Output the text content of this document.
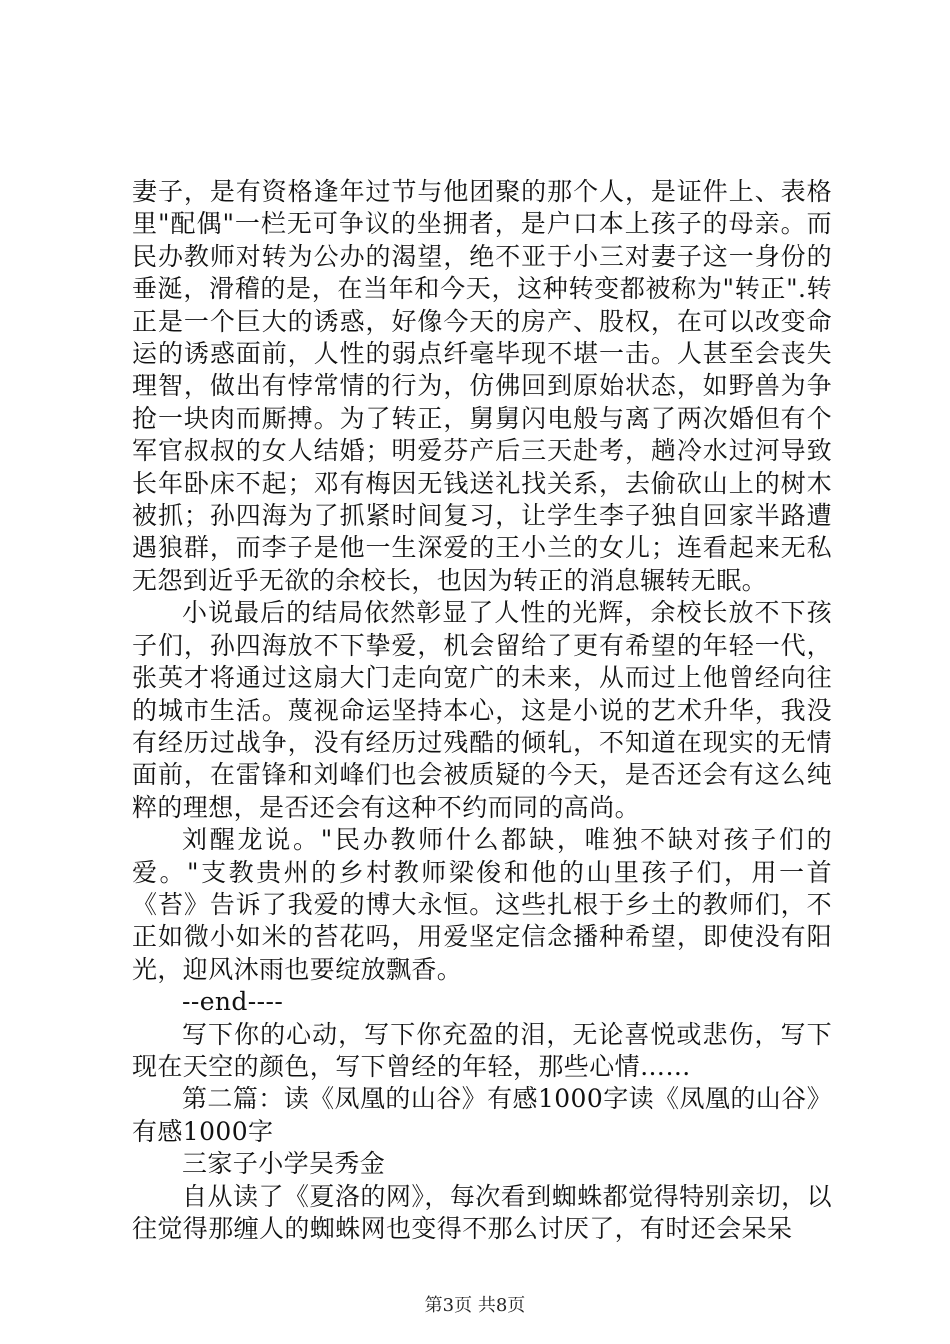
妻子，是有资格逢年过节与他团聚的那个人，是证件上、表格里"配偶"一栏无可争议的坐拥者，是户口本上孩子的母亲。而民办教师对转为公办的渴望，绝不亚于小三对妻子这一身份的垂涎，滑稽的是，在当年和今天，这种转变都被称为"转正".转正是一个巨大的诱惑，好像今天的房产、股权，在可以改变命运的诱惑面前，人性的弱点纤毫毕现不堪一击。人甚至会丧失理智，做出有悖常情的行为，仿佛回到原始状态，如野兽为争抢一块肉而厮搏。为了转正，舅舅闪电般与离了两次婚但有个军官叔叔的女人结婚；明爱芬产后三天赴考，趟冷水过河导致长年卧床不起；邓有梅因无钱送礼找关系，去偷砍山上的树木被抓；孙四海为了抓紧时间复习，让学生李子独自回家半路遭遇狼群，而李子是他一生深爱的王小兰的女儿；连看起来无私无怨到近乎无欲的余校长，也因为转正的消息辗转无眠。

小说最后的结局依然彰显了人性的光辉，余校长放不下孩子们，孙四海放不下挚爱，机会留给了更有希望的年轻一代，张英才将通过这扇大门走向宽广的未来，从而过上他曾经向往的城市生活。蔑视命运坚持本心，这是小说的艺术升华，我没有经历过战争，没有经历过残酷的倾轧，不知道在现实的无情面前，在雷锋和刘峰们也会被质疑的今天，是否还会有这么纯粹的理想，是否还会有这种不约而同的高尚。

刘醒龙说。"民办教师什么都缺，唯独不缺对孩子们的爱。"支教贵州的乡村教师梁俊和他的山里孩子们，用一首《苔》告诉了我爱的博大永恒。这些扎根于乡土的教师们，不正如微小如米的苔花吗，用爱坚定信念播种希望，即使没有阳光，迎风沐雨也要绽放飘香。

--end----

写下你的心动，写下你充盈的泪，无论喜悦或悲伤，写下现在天空的颜色，写下曾经的年轻，那些心情……

第二篇：读《凤凰的山谷》有感1000字读《凤凰的山谷》有感1000字

三家子小学吴秀金

自从读了《夏洛的网》，每次看到蜘蛛都觉得特别亲切，以往觉得那缠人的蜘蛛网也变得不那么讨厌了，有时还会呆呆

第3页 共8页
